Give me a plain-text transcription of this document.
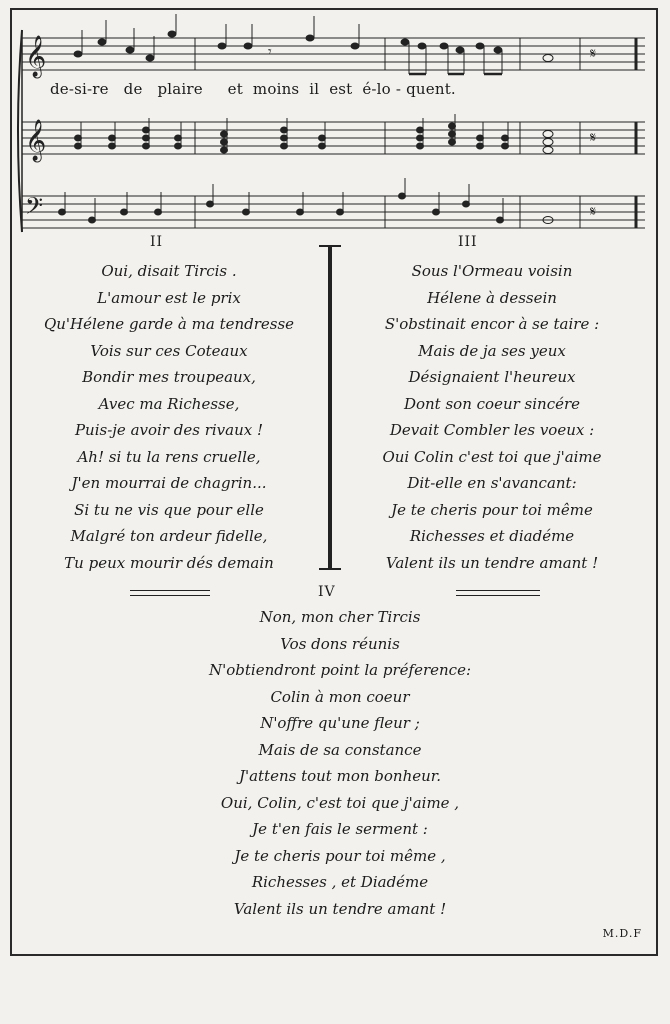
𝄞
𝄞
𝄢
𝄾	𝄋
𝄋
𝄋
de-si-re   de   plaire     et  moins  il  est  é-lo - quent.
II	III
Oui, disait Tircis .
L'amour est le prix
Qu'Hélene garde à ma tendresse
Vois sur ces Coteaux
Bondir mes troupeaux,
Avec ma Richesse,
Puis-je avoir des rivaux !
Ah! si tu la rens cruelle,
J'en mourrai de chagrin...
Si tu ne vis que pour elle
Malgré ton ardeur fidelle,
Tu peux mourir dés demain
Sous l'Ormeau voisin
Hélene à dessein
S'obstinait encor à se taire :
Mais de ja ses yeux
Désignaient l'heureux
Dont son coeur sincére
Devait Combler les voeux :
Oui Colin c'est toi que j'aime
Dit-elle en s'avancant:
Je te cheris pour toi même
Richesses et diadéme
Valent ils un tendre amant !
IV
Non, mon cher Tircis
Vos dons réunis
N'obtiendront point la préference:
Colin à mon coeur
N'offre qu'une fleur ;
Mais de sa constance
J'attens tout mon bonheur.
Oui, Colin, c'est toi que j'aime ,
Je t'en fais le serment :
Je te cheris pour toi même ,
Richesses , et Diadéme
Valent ils un tendre amant !
M.D.F
